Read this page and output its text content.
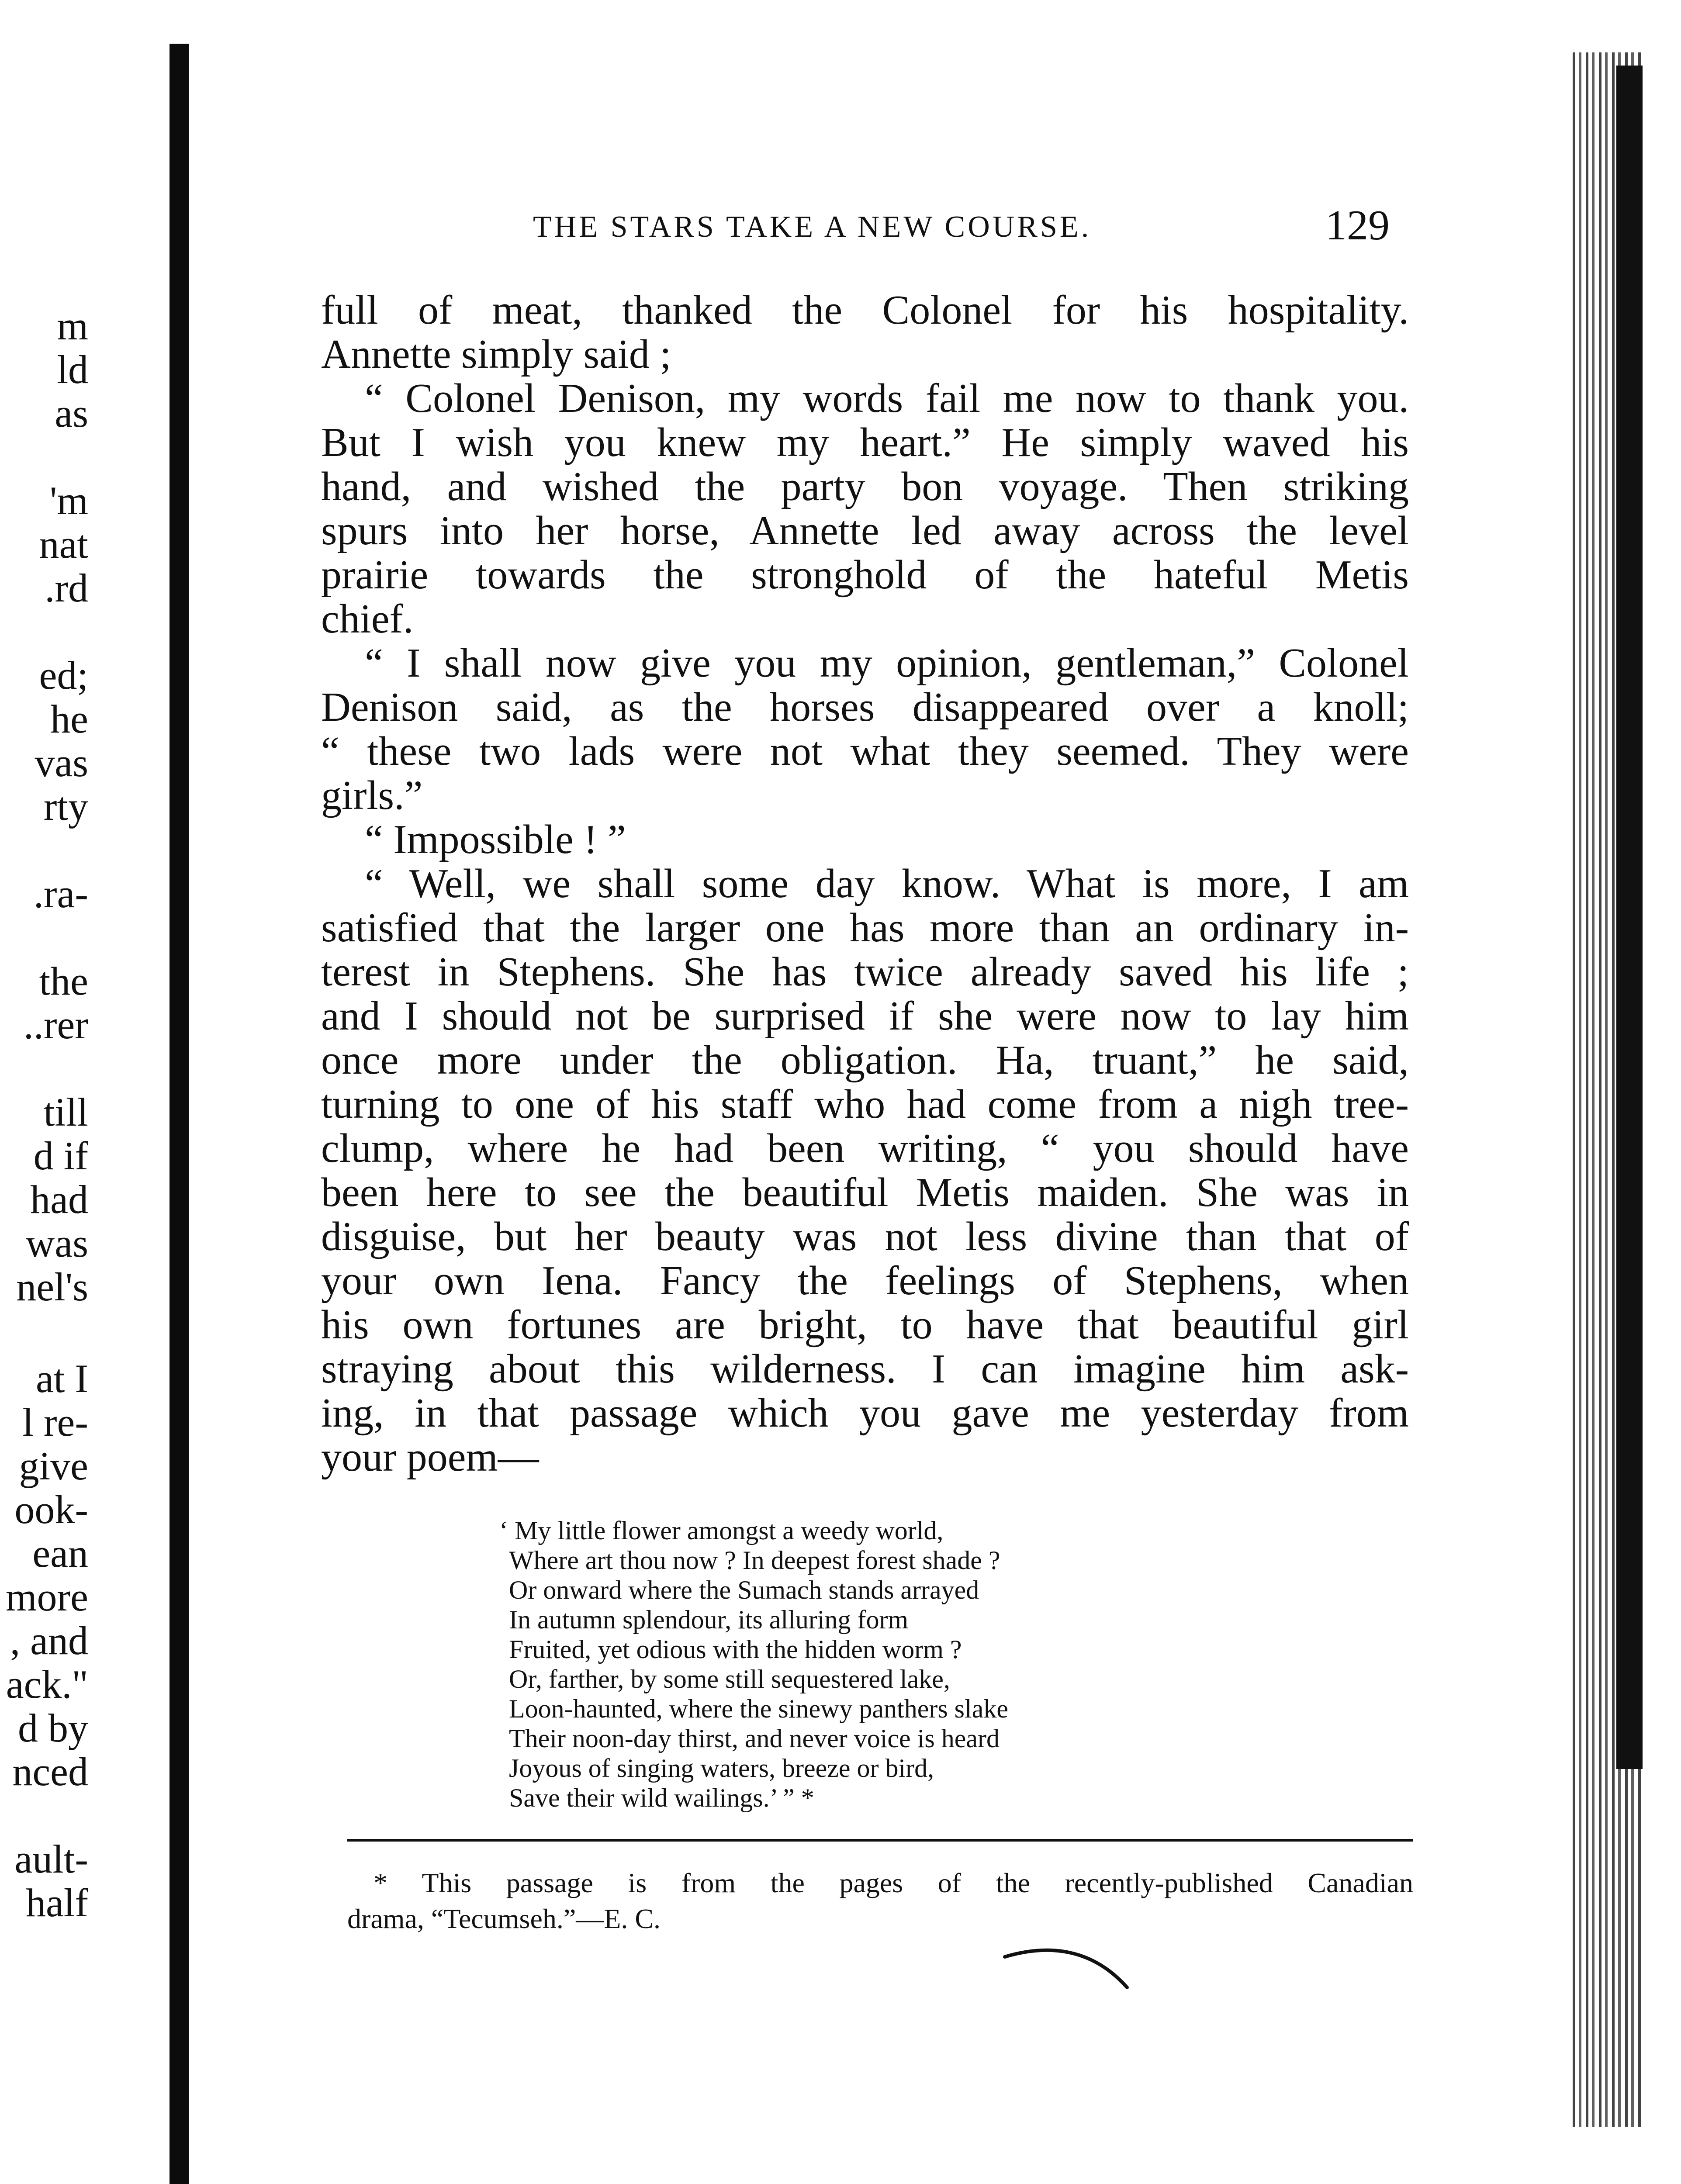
m
ld
as
'm
nat
.rd
ed;
he
vas
rty
.ra-
the
..rer
till
d if
had
was
nel's
at I
l re-
give
ook-
ean
more
, and
ack."
d by
nced
ault-
half
THE STARS TAKE A NEW COURSE.	129
full of meat, thanked the Colonel for his hospitality.
Annette simply said ;
“ Colonel Denison, my words fail me now to thank you.
But I wish you knew my heart.” He simply waved his
hand, and wished the party bon voyage. Then striking
spurs into her horse, Annette led away across the level
prairie towards the stronghold of the hateful Metis
chief.
“ I shall now give you my opinion, gentleman,” Colonel
Denison said, as the horses disappeared over a knoll;
“ these two lads were not what they seemed. They were
girls.”
“ Impossible ! ”
“ Well, we shall some day know. What is more, I am
satisfied that the larger one has more than an ordinary in-
terest in Stephens. She has twice already saved his life ;
and I should not be surprised if she were now to lay him
once more under the obligation. Ha, truant,” he said,
turning to one of his staff who had come from a nigh tree-
clump, where he had been writing, “ you should have
been here to see the beautiful Metis maiden. She was in
disguise, but her beauty was not less divine than that of
your own Iena. Fancy the feelings of Stephens, when
his own fortunes are bright, to have that beautiful girl
straying about this wilderness. I can imagine him ask-
ing, in that passage which you gave me yesterday from
your poem—
‘ My little flower amongst a weedy world,
Where art thou now ? In deepest forest shade ?
Or onward where the Sumach stands arrayed
In autumn splendour, its alluring form
Fruited, yet odious with the hidden worm ?
Or, farther, by some still sequestered lake,
Loon-haunted, where the sinewy panthers slake
Their noon-day thirst, and never voice is heard
Joyous of singing waters, breeze or bird,
Save their wild wailings.’ ” *
* This passage is from the pages of the recently-published Canadian
drama, “Tecumseh.”—E. C.
